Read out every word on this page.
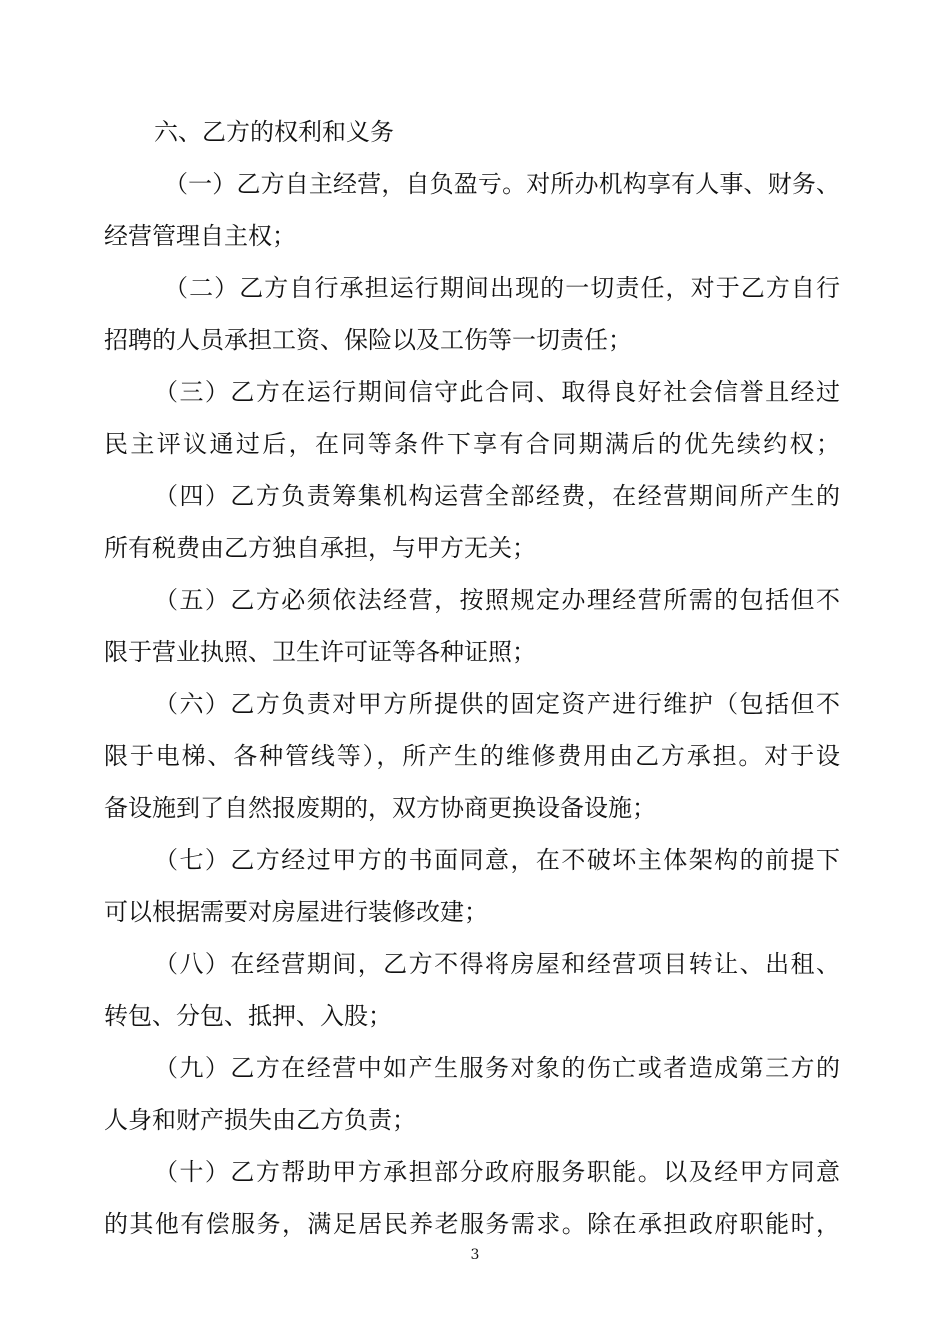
六、乙方的权利和义务
（一）乙方自主经营，自负盈亏。对所办机构享有人事、财务、
经营管理自主权；
（二）乙方自行承担运行期间出现的一切责任，对于乙方自行
招聘的人员承担工资、保险以及工伤等一切责任；
（三）乙方在运行期间信守此合同、取得良好社会信誉且经过
民主评议通过后，在同等条件下享有合同期满后的优先续约权；
（四）乙方负责筹集机构运营全部经费，在经营期间所产生的
所有税费由乙方独自承担，与甲方无关；
（五）乙方必须依法经营，按照规定办理经营所需的包括但不
限于营业执照、卫生许可证等各种证照；
（六）乙方负责对甲方所提供的固定资产进行维护（包括但不
限于电梯、各种管线等），所产生的维修费用由乙方承担。对于设
备设施到了自然报废期的，双方协商更换设备设施；
（七）乙方经过甲方的书面同意，在不破坏主体架构的前提下
可以根据需要对房屋进行装修改建；
（八）在经营期间，乙方不得将房屋和经营项目转让、出租、
转包、分包、抵押、入股；
（九）乙方在经营中如产生服务对象的伤亡或者造成第三方的
人身和财产损失由乙方负责；
（十）乙方帮助甲方承担部分政府服务职能。以及经甲方同意
的其他有偿服务，满足居民养老服务需求。除在承担政府职能时，
3
